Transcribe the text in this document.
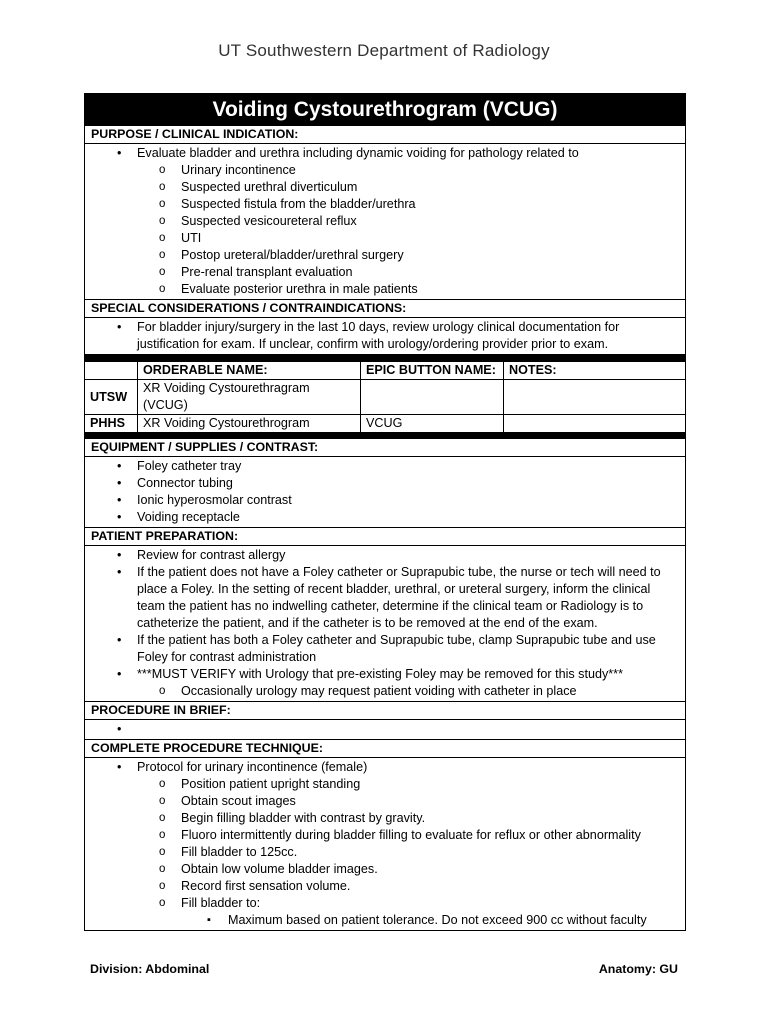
UT Southwestern Department of Radiology
Voiding Cystourethrogram (VCUG)
PURPOSE / CLINICAL INDICATION:
• Evaluate bladder and urethra including dynamic voiding for pathology related to
o Urinary incontinence
o Suspected urethral diverticulum
o Suspected fistula from the bladder/urethra
o Suspected vesicoureteral reflux
o UTI
o Postop ureteral/bladder/urethral surgery
o Pre-renal transplant evaluation
o Evaluate posterior urethra in male patients
SPECIAL CONSIDERATIONS / CONTRAINDICATIONS:
• For bladder injury/surgery in the last 10 days, review urology clinical documentation for
justification for exam. If unclear, confirm with urology/ordering provider prior to exam.
	ORDERABLE NAME:	EPIC BUTTON NAME:	NOTES:
UTSW	XR Voiding Cystourethragram (VCUG)		
PHHS	XR Voiding Cystourethrogram	VCUG	
EQUIPMENT / SUPPLIES / CONTRAST:
• Foley catheter tray
• Connector tubing
• Ionic hyperosmolar contrast
• Voiding receptacle
PATIENT PREPARATION:
• Review for contrast allergy
• If the patient does not have a Foley catheter or Suprapubic tube, the nurse or tech will need to
place a Foley. In the setting of recent bladder, urethral, or ureteral surgery, inform the clinical
team the patient has no indwelling catheter, determine if the clinical team or Radiology is to
catheterize the patient, and if the catheter is to be removed at the end of the exam.
• If the patient has both a Foley catheter and Suprapubic tube, clamp Suprapubic tube and use
Foley for contrast administration
• ***MUST VERIFY with Urology that pre-existing Foley may be removed for this study***
o Occasionally urology may request patient voiding with catheter in place
PROCEDURE IN BRIEF:
•
COMPLETE PROCEDURE TECHNIQUE:
• Protocol for urinary incontinence (female)
o Position patient upright standing
o Obtain scout images
o Begin filling bladder with contrast by gravity.
o Fluoro intermittently during bladder filling to evaluate for reflux or other abnormality
o Fill bladder to 125cc.
o Obtain low volume bladder images.
o Record first sensation volume.
o Fill bladder to:
▪ Maximum based on patient tolerance. Do not exceed 900 cc without faculty
Division: Abdominal	Anatomy: GU
